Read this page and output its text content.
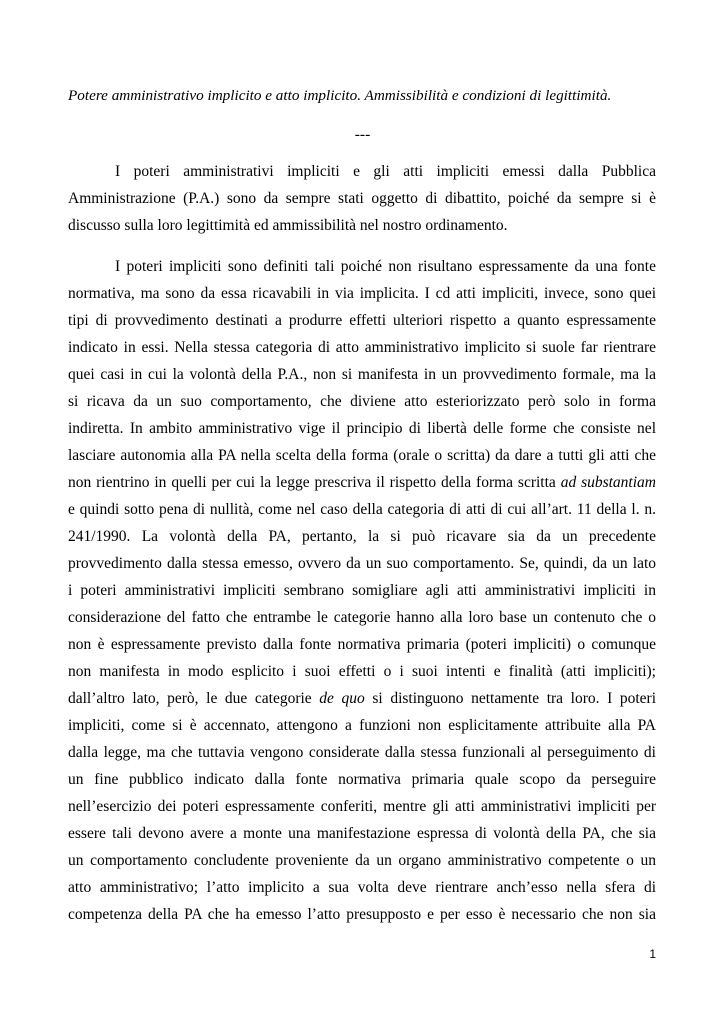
Potere amministrativo implicito e atto implicito. Ammissibilità e condizioni di legittimità.
---
I poteri amministrativi impliciti e gli atti impliciti emessi dalla Pubblica
Amministrazione (P.A.) sono da sempre stati oggetto di dibattito, poiché da sempre si è
discusso sulla loro legittimità ed ammissibilità nel nostro ordinamento.
I poteri impliciti sono definiti tali poiché non risultano espressamente da una fonte
normativa, ma sono da essa ricavabili in via implicita. I cd atti impliciti, invece, sono quei
tipi di provvedimento destinati a produrre effetti ulteriori rispetto a quanto espressamente
indicato in essi. Nella stessa categoria di atto amministrativo implicito si suole far rientrare
quei casi in cui la volontà della P.A., non si manifesta in un provvedimento formale, ma la
si ricava da un suo comportamento, che diviene atto esteriorizzato però solo in forma
indiretta. In ambito amministrativo vige il principio di libertà delle forme che consiste nel
lasciare autonomia alla PA nella scelta della forma (orale o scritta) da dare a tutti gli atti che
non rientrino in quelli per cui la legge prescriva il rispetto della forma scritta ad substantiam
e quindi sotto pena di nullità, come nel caso della categoria di atti di cui all’art. 11 della l. n.
241/1990. La volontà della PA, pertanto, la si può ricavare sia da un precedente
provvedimento dalla stessa emesso, ovvero da un suo comportamento. Se, quindi, da un lato
i poteri amministrativi impliciti sembrano somigliare agli atti amministrativi impliciti in
considerazione del fatto che entrambe le categorie hanno alla loro base un contenuto che o
non è espressamente previsto dalla fonte normativa primaria (poteri impliciti) o comunque
non manifesta in modo esplicito i suoi effetti o i suoi intenti e finalità (atti impliciti);
dall’altro lato, però, le due categorie de quo si distinguono nettamente tra loro. I poteri
impliciti, come si è accennato, attengono a funzioni non esplicitamente attribuite alla PA
dalla legge, ma che tuttavia vengono considerate dalla stessa funzionali al perseguimento di
un fine pubblico indicato dalla fonte normativa primaria quale scopo da perseguire
nell’esercizio dei poteri espressamente conferiti, mentre gli atti amministrativi impliciti per
essere tali devono avere a monte una manifestazione espressa di volontà della PA, che sia
un comportamento concludente proveniente da un organo amministrativo competente o un
atto amministrativo; l’atto implicito a sua volta deve rientrare anch’esso nella sfera di
competenza della PA che ha emesso l’atto presupposto e per esso è necessario che non sia
1
